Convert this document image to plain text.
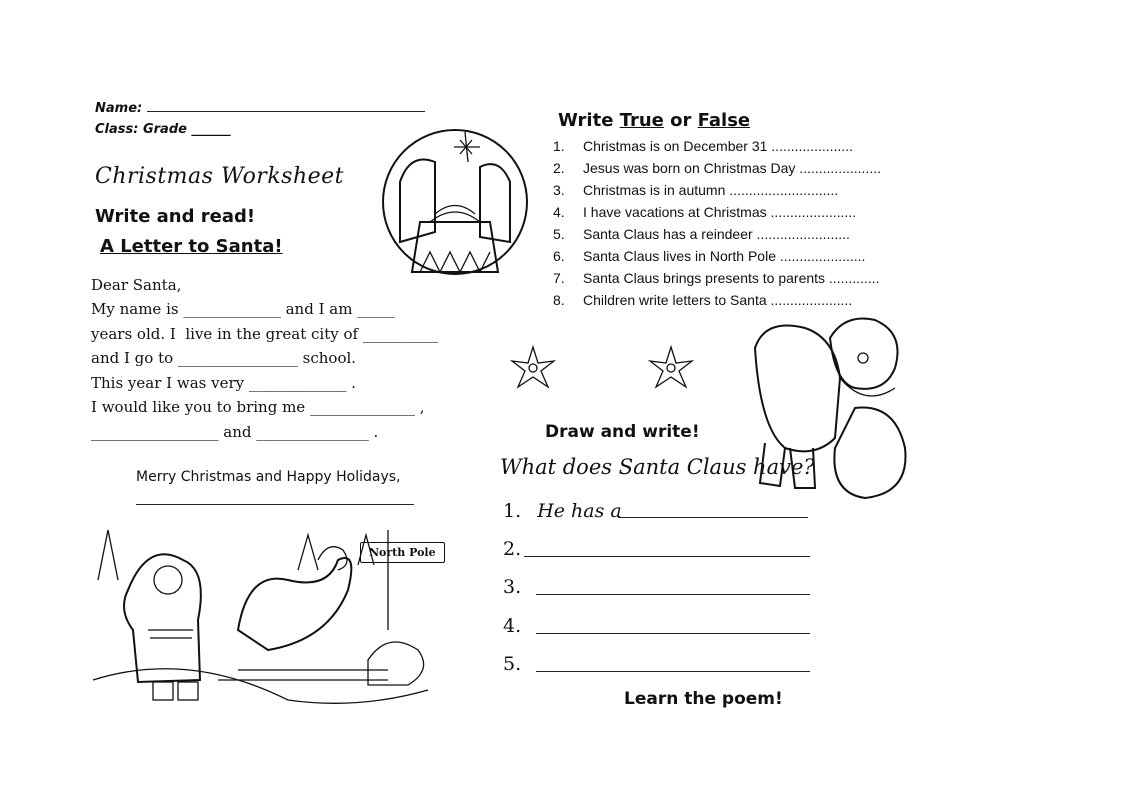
Name:
Class: Grade ______
Christmas Worksheet
Write and read!
A Letter to Santa!
Dear Santa,
My name is _____________ and I am _____
years old. I  live in the great city of __________
and I go to ________________ school.
This year I was very _____________ .
I would like you to bring me ______________ ,
_________________ and _______________ .
Merry Christmas and Happy Holidays,
North Pole
Write True or False
1. Christmas is on December 31 .....................
2. Jesus was born on Christmas Day .....................
3. Christmas is in autumn ............................
4. I have vacations at Christmas ......................
5. Santa Claus has a reindeer ........................
6. Santa Claus lives in North Pole ......................
7. Santa Claus brings presents to parents .............
8. Children write letters to Santa .....................
Draw and write!
What does Santa Claus have?
1. He has a
2.
3.
4.
5.
Learn the poem!
